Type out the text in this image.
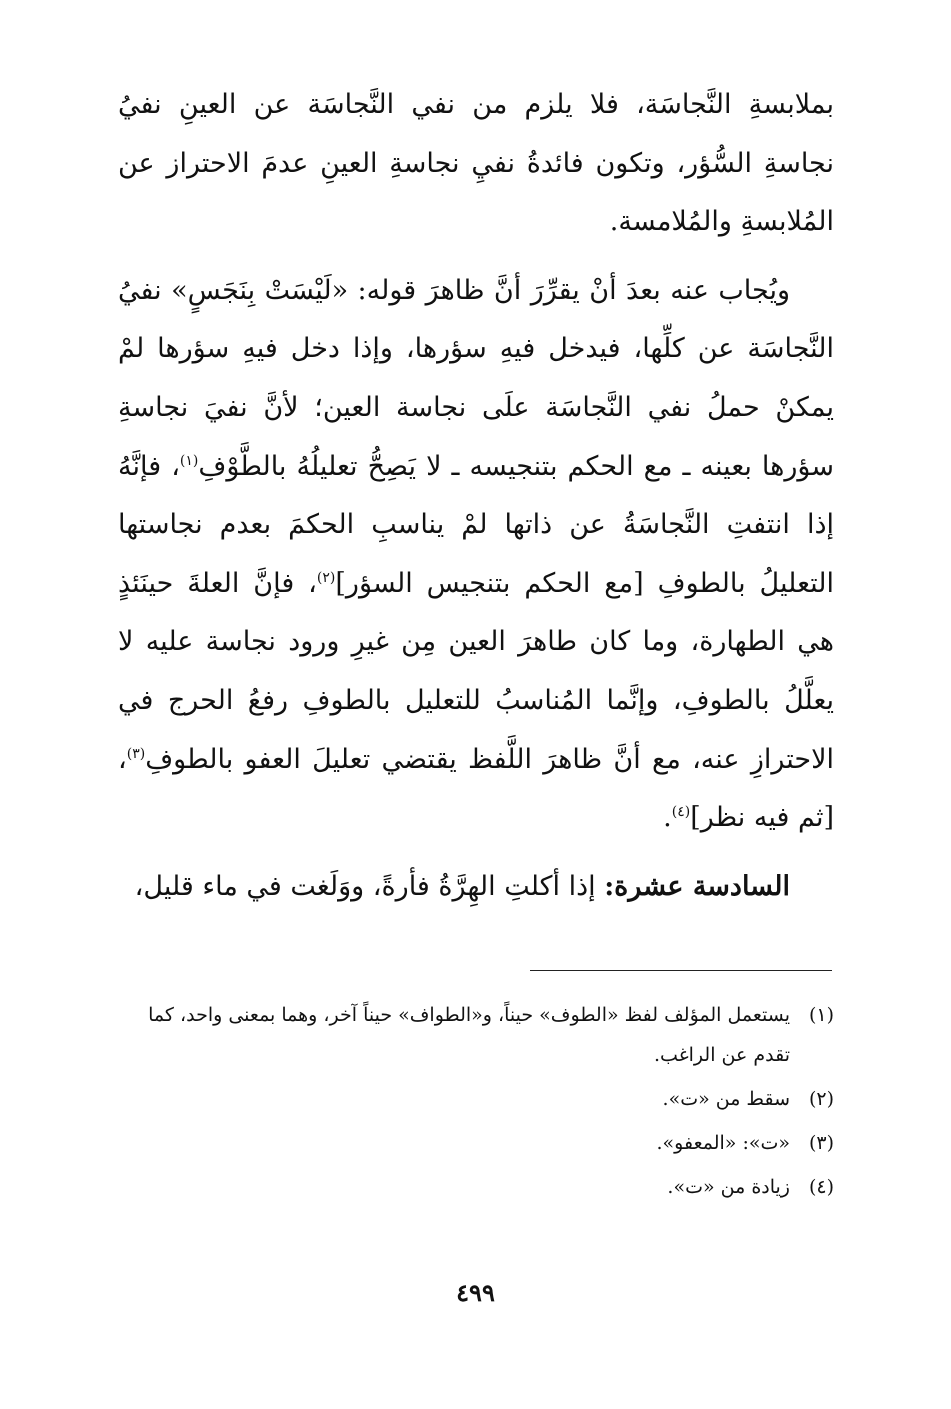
بملابسةِ النَّجاسَة، فلا يلزم من نفي النَّجاسَة عن العينِ نفيُ نجاسةِ السُّؤر، وتكون فائدةُ نفيِ نجاسةِ العينِ عدمَ الاحتراز عن المُلابسةِ والمُلامسة.

ويُجاب عنه بعدَ أنْ يقرِّرَ أنَّ ظاهرَ قوله: «لَيْسَتْ بِنَجَسٍ» نفيُ النَّجاسَة عن كلِّها، فيدخل فيهِ سؤرها، وإذا دخل فيهِ سؤرها لمْ يمكنْ حملُ نفي النَّجاسَة علَى نجاسة العين؛ لأنَّ نفيَ نجاسةِ سؤرها بعينه ـ مع الحكم بتنجيسه ـ لا يَصِحُّ تعليلُهُ بالطَّوْفِ$^{(١)}$، فإنَّهُ إذا انتفتِ النَّجاسَةُ عن ذاتها لمْ يناسبِ الحكمَ بعدم نجاستها التعليلُ بالطوفِ [مع الحكم بتنجيس السؤر]$^{(٢)}$، فإنَّ العلةَ حينَئذٍ هي الطهارة، وما كان طاهرَ العين مِن غيرِ ورود نجاسة عليه لا يعلَّلُ بالطوفِ، وإنَّما المُناسبُ للتعليل بالطوفِ رفعُ الحرج في الاحترازِ عنه، مع أنَّ ظاهرَ اللَّفظ يقتضي تعليلَ العفو بالطوفِ$^{(٣)}$، [ثم فيه نظر]$^{(٤)}$.

السادسة عشرة: إذا أكلتِ الهِرَّةُ فأرةً، ووَلَغت في ماء قليل،

(١)
يستعمل المؤلف لفظ «الطوف» حيناً، و«الطواف» حيناً آخر، وهما بمعنى واحد، كما تقدم عن الراغب.
(٢)
سقط من «ت».
(٣)
«ت»: «المعفو».
(٤)
زيادة من «ت».
٤٩٩
